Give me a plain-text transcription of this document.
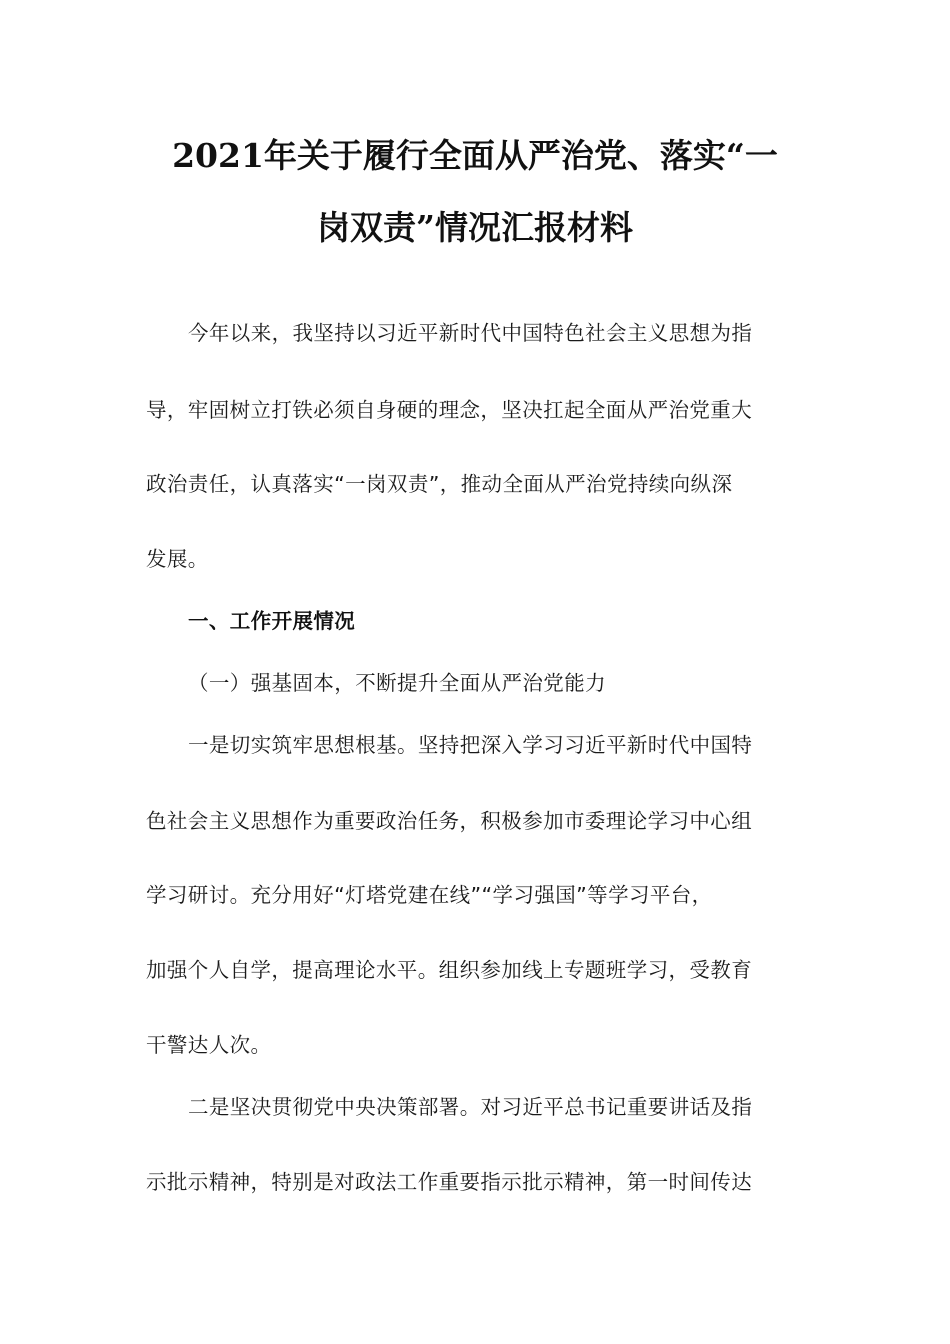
2021年关于履行全面从严治党、落实“一
岗双责”情况汇报材料
今年以来，我坚持以习近平新时代中国特色社会主义思想为指
导，牢固树立打铁必须自身硬的理念，坚决扛起全面从严治党重大
政治责任，认真落实“一岗双责”，推动全面从严治党持续向纵深
发展。
一、工作开展情况
（一）强基固本，不断提升全面从严治党能力
一是切实筑牢思想根基。坚持把深入学习习近平新时代中国特
色社会主义思想作为重要政治任务，积极参加市委理论学习中心组
学习研讨。充分用好“灯塔党建在线”“学习强国”等学习平台，
加强个人自学，提高理论水平。组织参加线上专题班学习，受教育
干警达人次。
二是坚决贯彻党中央决策部署。对习近平总书记重要讲话及指
示批示精神，特别是对政法工作重要指示批示精神，第一时间传达
